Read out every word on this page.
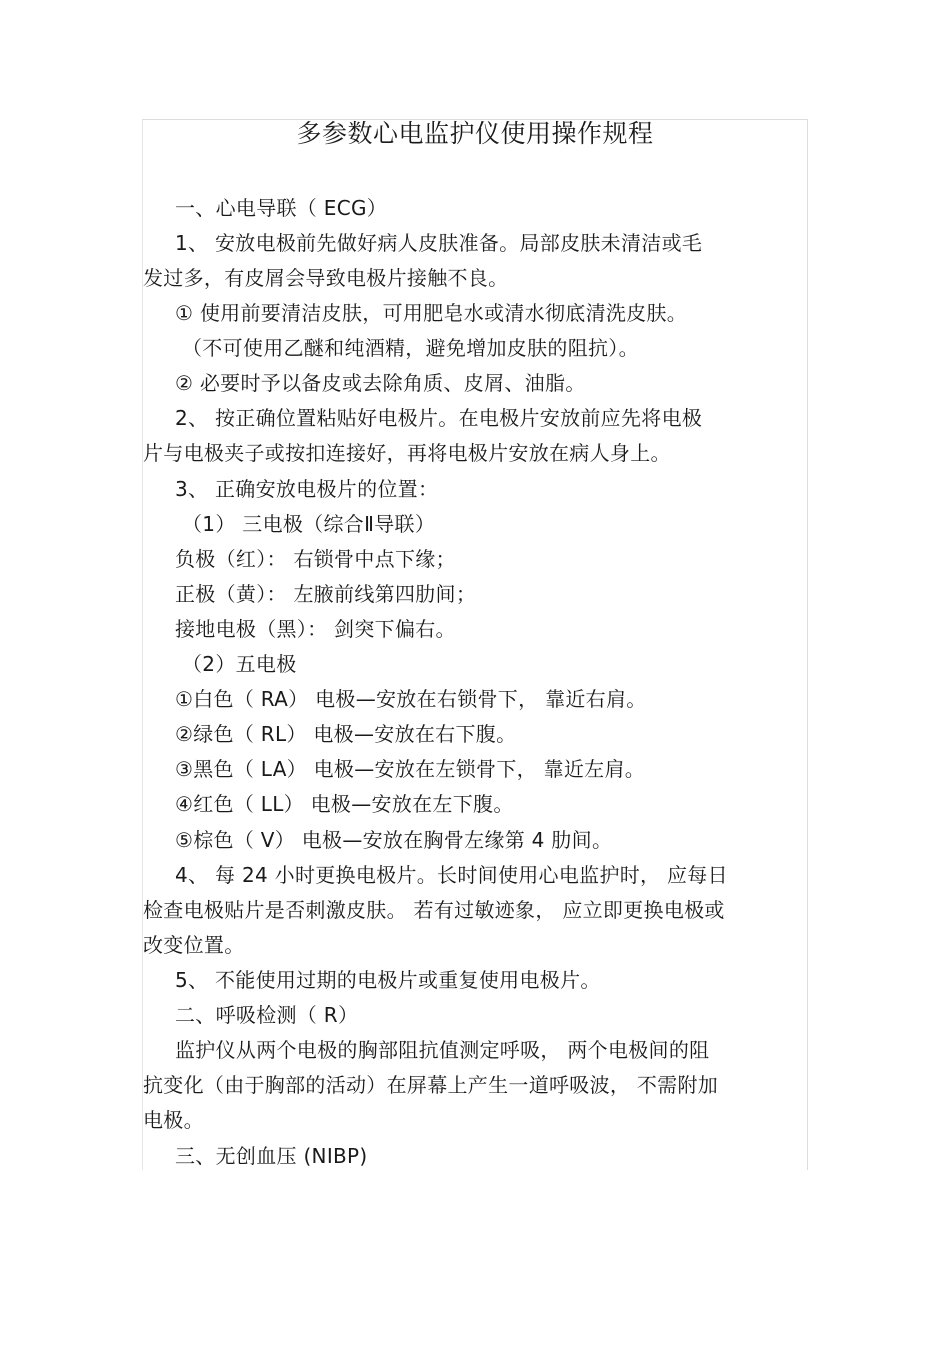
多参数心电监护仪使用操作规程
一、心电导联（ ECG）
1、 安放电极前先做好病人皮肤准备。局部皮肤未清洁或毛
发过多，有皮屑会导致电极片接触不良。
① 使用前要清洁皮肤，可用肥皂水或清水彻底清洗皮肤。
（不可使用乙醚和纯酒精，避免增加皮肤的阻抗）。
② 必要时予以备皮或去除角质、皮屑、油脂。
2、 按正确位置粘贴好电极片。在电极片安放前应先将电极
片与电极夹子或按扣连接好，再将电极片安放在病人身上。
3、 正确安放电极片的位置：
（1） 三电极（综合Ⅱ导联）
负极（红）： 右锁骨中点下缘；
正极（黄）： 左腋前线第四肋间；
接地电极（黑）： 剑突下偏右。
（2）五电极
①白色（ RA） 电极—安放在右锁骨下， 靠近右肩。
②绿色（ RL） 电极—安放在右下腹。
③黑色（ LA） 电极—安放在左锁骨下， 靠近左肩。
④红色（ LL） 电极—安放在左下腹。
⑤棕色（ V） 电极—安放在胸骨左缘第 4 肋间。
4、 每 24 小时更换电极片。长时间使用心电监护时， 应每日
检查电极贴片是否刺激皮肤。 若有过敏迹象， 应立即更换电极或
改变位置。
5、 不能使用过期的电极片或重复使用电极片。
二、呼吸检测（ R）
监护仪从两个电极的胸部阻抗值测定呼吸， 两个电极间的阻
抗变化（由于胸部的活动）在屏幕上产生一道呼吸波， 不需附加
电极。
三、无创血压 (NIBP)
